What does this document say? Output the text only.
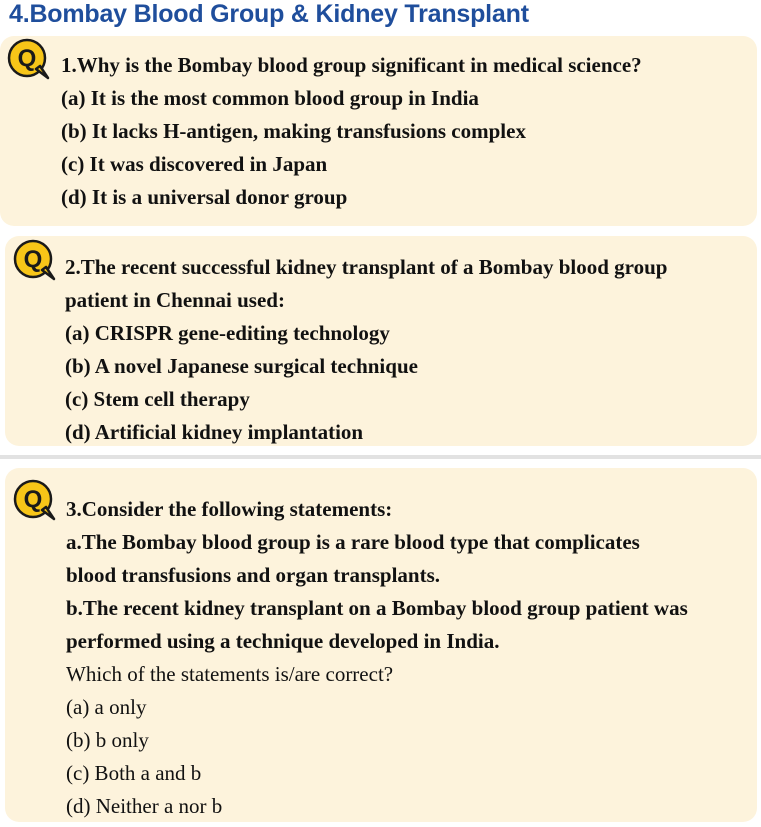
4.Bombay Blood Group & Kidney Transplant
Q 1.Why is the Bombay blood group significant in medical science?
(a) It is the most common blood group in India
(b) It lacks H-antigen, making transfusions complex
(c) It was discovered in Japan
(d) It is a universal donor group
Q 2.The recent successful kidney transplant of a Bombay blood group
patient in Chennai used:
(a) CRISPR gene-editing technology
(b) A novel Japanese surgical technique
(c) Stem cell therapy
(d) Artificial kidney implantation
Q 3.Consider the following statements:
a.The Bombay blood group is a rare blood type that complicates
blood transfusions and organ transplants.
b.The recent kidney transplant on a Bombay blood group patient was
performed using a technique developed in India.
Which of the statements is/are correct?
(a) a only
(b) b only
(c) Both a and b
(d) Neither a nor b
